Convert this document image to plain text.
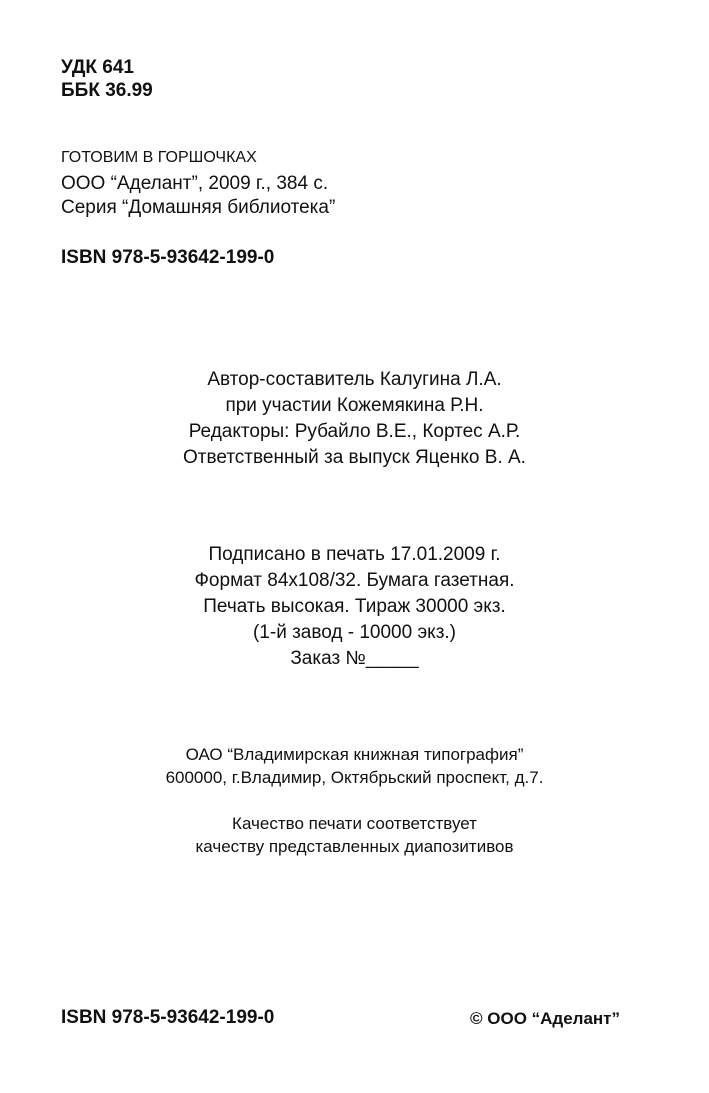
УДК 641
ББК 36.99
ГОТОВИМ В ГОРШОЧКАХ
ООО “Аделант”, 2009 г., 384 с.
Серия “Домашняя библиотека”
ISBN 978-5-93642-199-0
Автор-составитель Калугина Л.А.
при участии Кожемякина Р.Н.
Редакторы: Рубайло В.Е., Кортес А.Р.
Ответственный за выпуск Яценко В. А.
Подписано в печать 17.01.2009 г.
Формат 84х108/32. Бумага газетная.
Печать высокая. Тираж 30000 экз.
(1-й завод - 10000 экз.)
Заказ №_____
ОАО “Владимирская книжная типография”
600000, г.Владимир, Октябрьский проспект, д.7.
Качество печати соответствует
качеству представленных диапозитивов
ISBN 978-5-93642-199-0	© ООО “Аделант”
